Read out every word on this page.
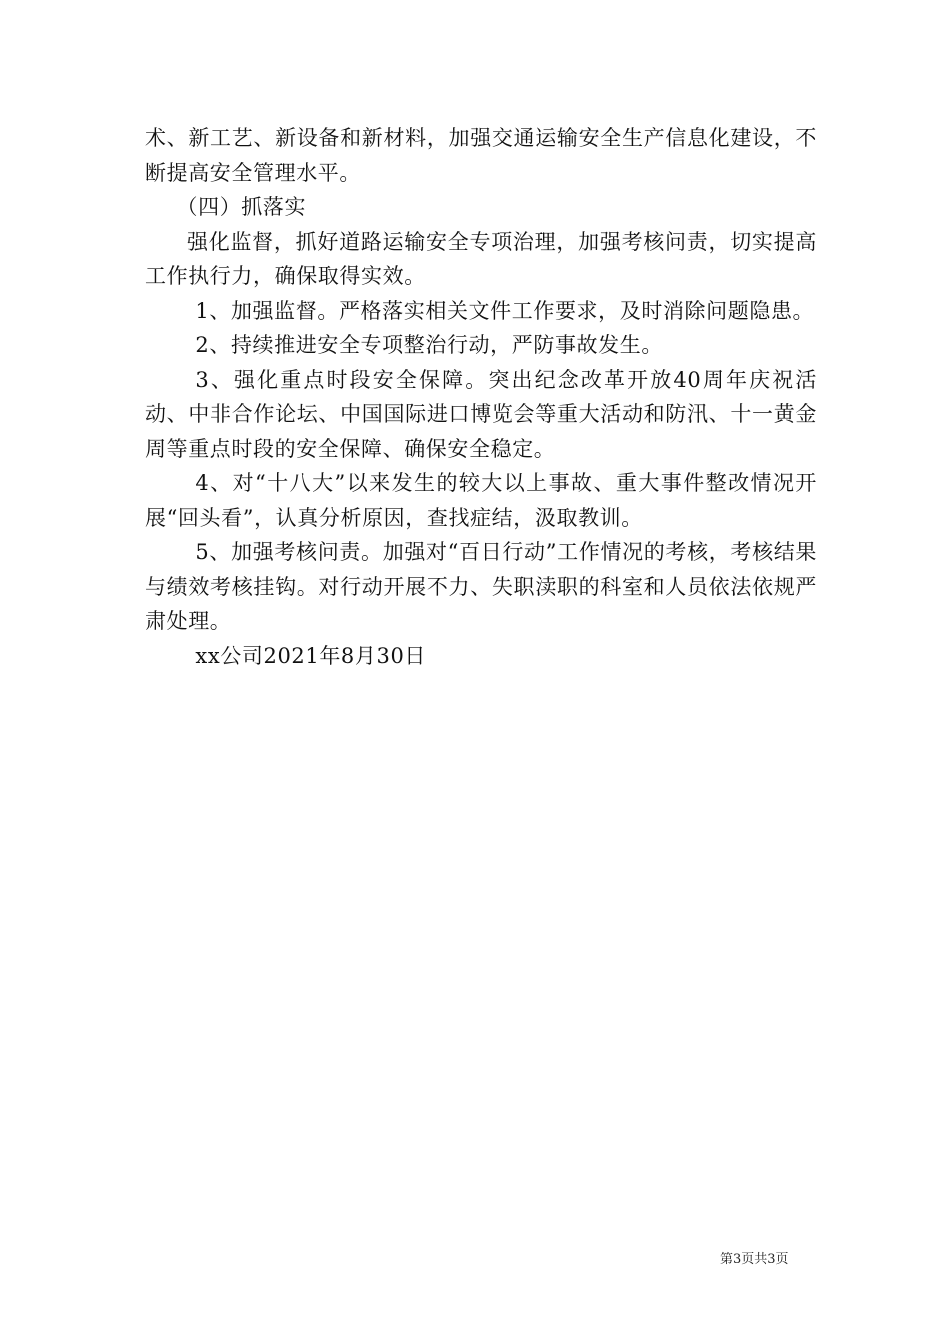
术、新工艺、新设备和新材料，加强交通运输安全生产信息化建设，不断提高安全管理水平。

（四）抓落实

强化监督，抓好道路运输安全专项治理，加强考核问责，切实提高工作执行力，确保取得实效。

1、加强监督。严格落实相关文件工作要求，及时消除问题隐患。

2、持续推进安全专项整治行动，严防事故发生。

3、强化重点时段安全保障。突出纪念改革开放40周年庆祝活动、中非合作论坛、中国国际进口博览会等重大活动和防汛、十一黄金周等重点时段的安全保障、确保安全稳定。

4、对“十八大”以来发生的较大以上事故、重大事件整改情况开展“回头看”，认真分析原因，查找症结，汲取教训。

5、加强考核问责。加强对“百日行动”工作情况的考核，考核结果与绩效考核挂钩。对行动开展不力、失职渎职的科室和人员依法依规严肃处理。

xx公司2021年8月30日

第3页共3页
